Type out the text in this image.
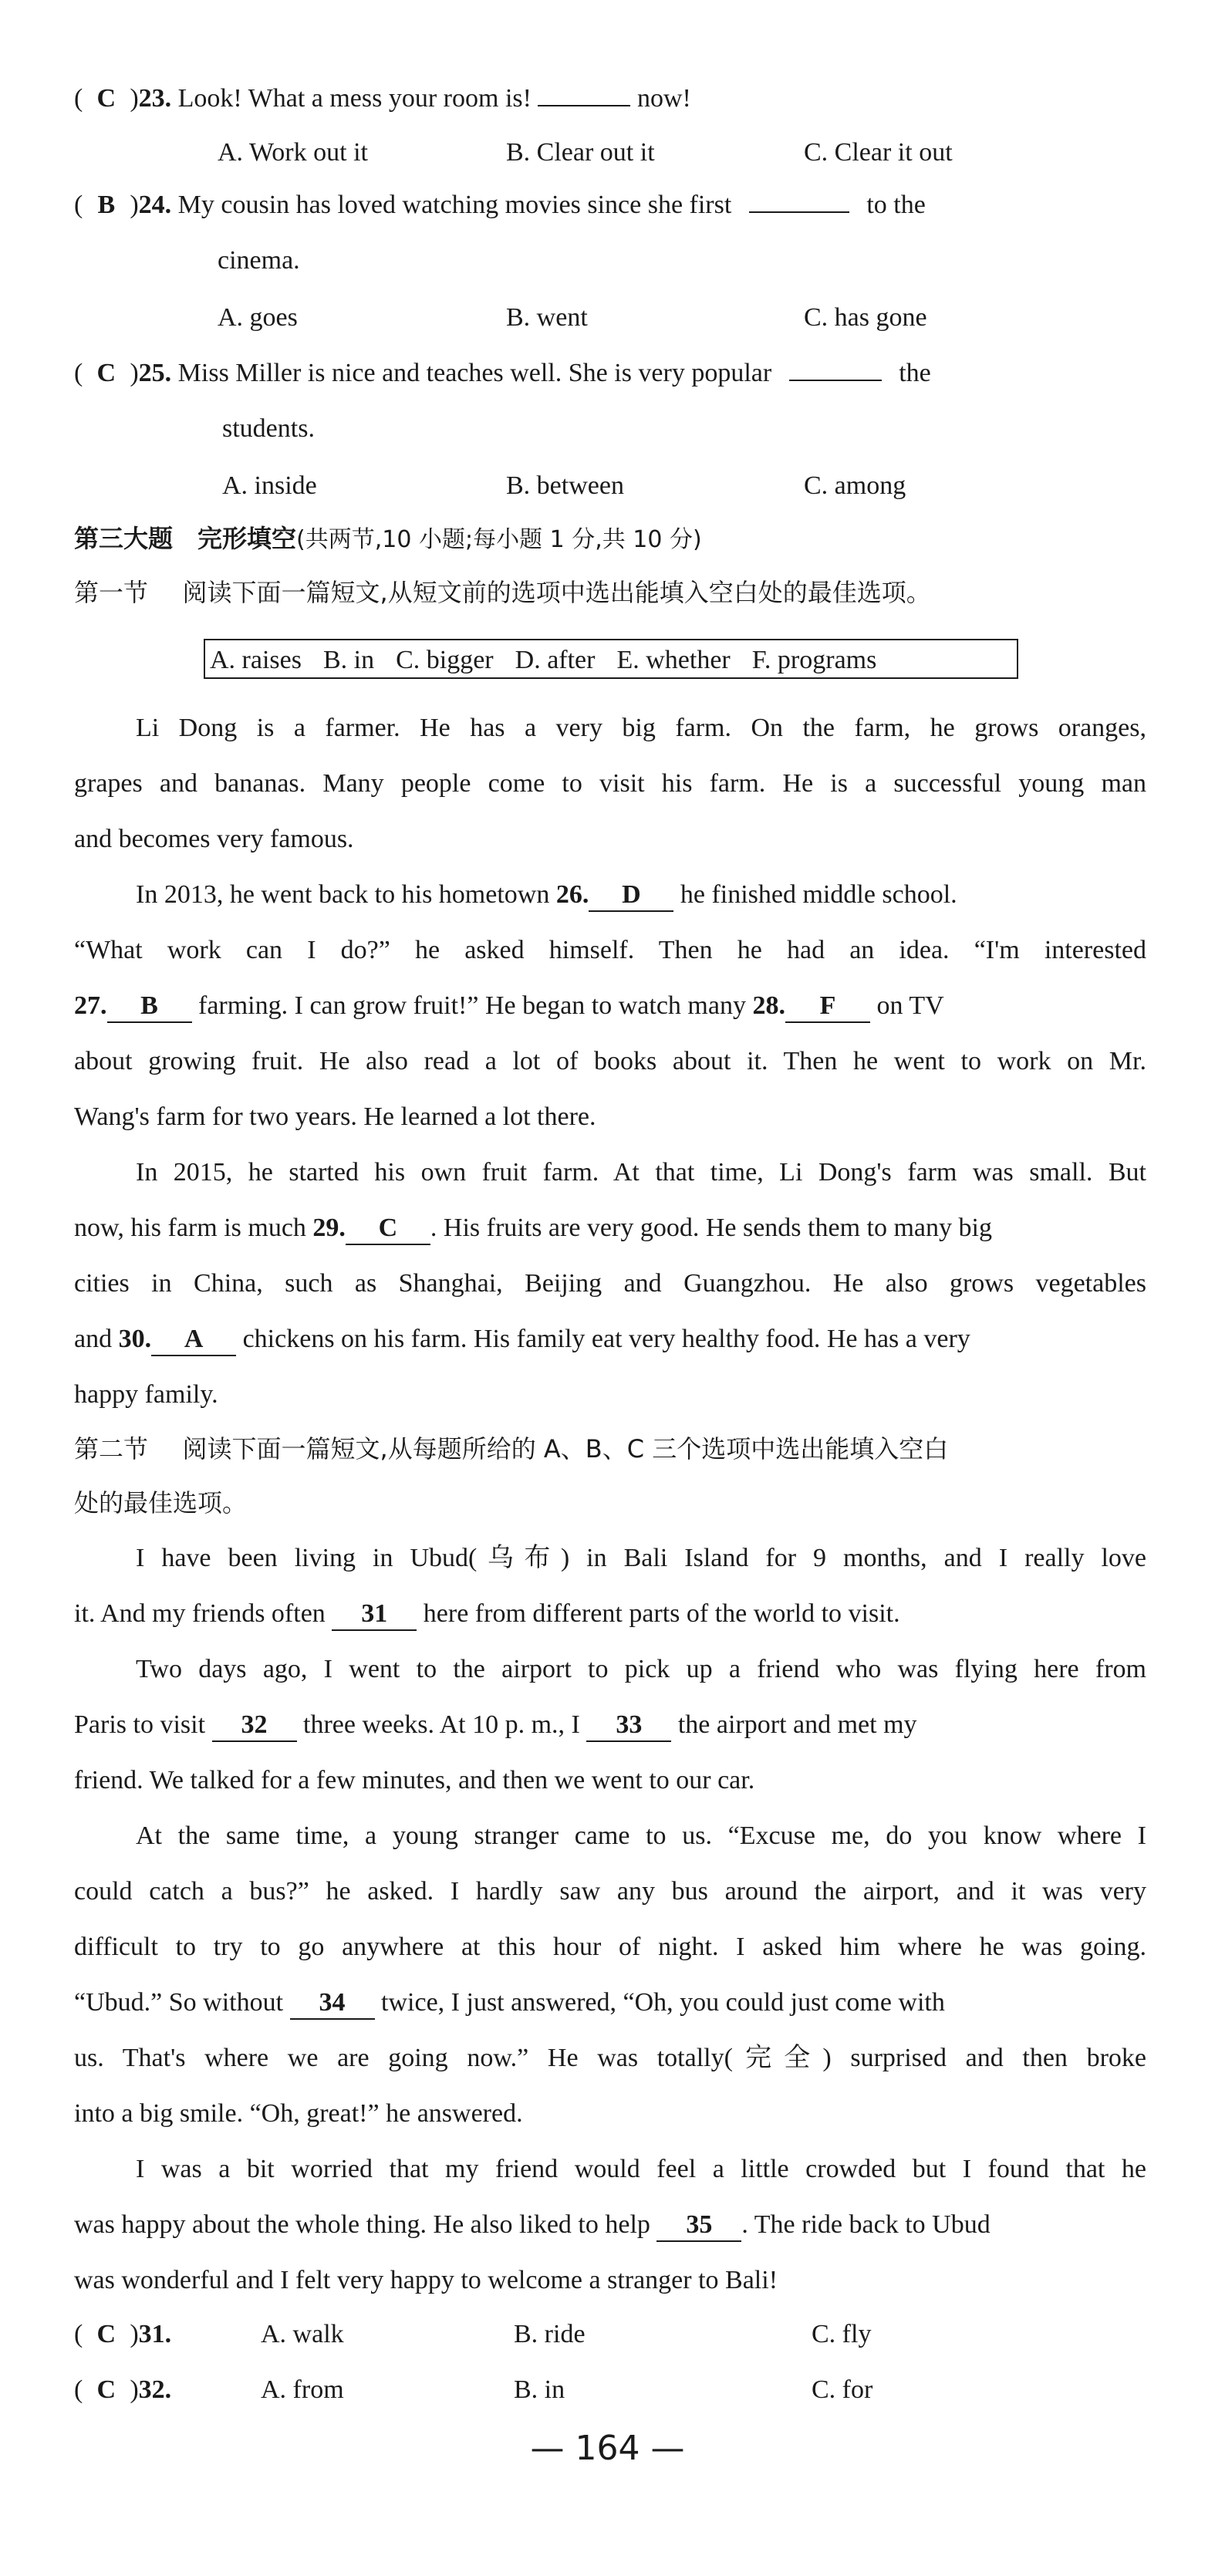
( C )23. Look! What a mess your room is!	now!
A. Work out it	B. Clear out it	C. Clear it out
( B )24. My cousin has loved watching movies since she first	to the
cinema.
A. goes	B. went	C. has gone
( C )25. Miss Miller is nice and teaches well. She is very popular	the
students.
A. inside	B. between	C. among
第三大题　完形填空(共两节,10 小题;每小题 1 分,共 10 分)
第一节 阅读下面一篇短文,从短文前的选项中选出能填入空白处的最佳选项。
A. raises B. in C. bigger D. after E. whether F. programs
Li Dong is a farmer. He has a very big farm. On the farm, he grows oranges,
grapes and bananas. Many people come to visit his farm. He is a successful young man
and becomes very famous.
In 2013, he went back to his hometown 26. D he finished middle school.
“What work can I do?” he asked himself. Then he had an idea. “I'm interested
27. B farming. I can grow fruit!” He began to watch many 28. F on TV
about growing fruit. He also read a lot of books about it. Then he went to work on Mr.
Wang's farm for two years. He learned a lot there.
In 2015, he started his own fruit farm. At that time, Li Dong's farm was small. But
now, his farm is much 29. C . His fruits are very good. He sends them to many big
cities in China, such as Shanghai, Beijing and Guangzhou. He also grows vegetables
and 30. A chickens on his farm. His family eat very healthy food. He has a very
happy family.
第二节 阅读下面一篇短文,从每题所给的 A、B、C 三个选项中选出能填入空白
处的最佳选项。
I have been living in Ubud(乌布) in Bali Island for 9 months, and I really love
it. And my friends often 31 here from different parts of the world to visit.
Two days ago, I went to the airport to pick up a friend who was flying here from
Paris to visit 32 three weeks. At 10 p. m., I 33 the airport and met my
friend. We talked for a few minutes, and then we went to our car.
At the same time, a young stranger came to us. “Excuse me, do you know where I
could catch a bus?” he asked. I hardly saw any bus around the airport, and it was very
difficult to try to go anywhere at this hour of night. I asked him where he was going.
“Ubud.” So without 34 twice, I just answered, “Oh, you could just come with
us. That's where we are going now.” He was totally(完全) surprised and then broke
into a big smile. “Oh, great!” he answered.
I was a bit worried that my friend would feel a little crowded but I found that he
was happy about the whole thing. He also liked to help 35 . The ride back to Ubud
was wonderful and I felt very happy to welcome a stranger to Bali!
( C )31.	A. walk	B. ride	C. fly
( C )32.	A. from	B. in	C. for
— 164 —
